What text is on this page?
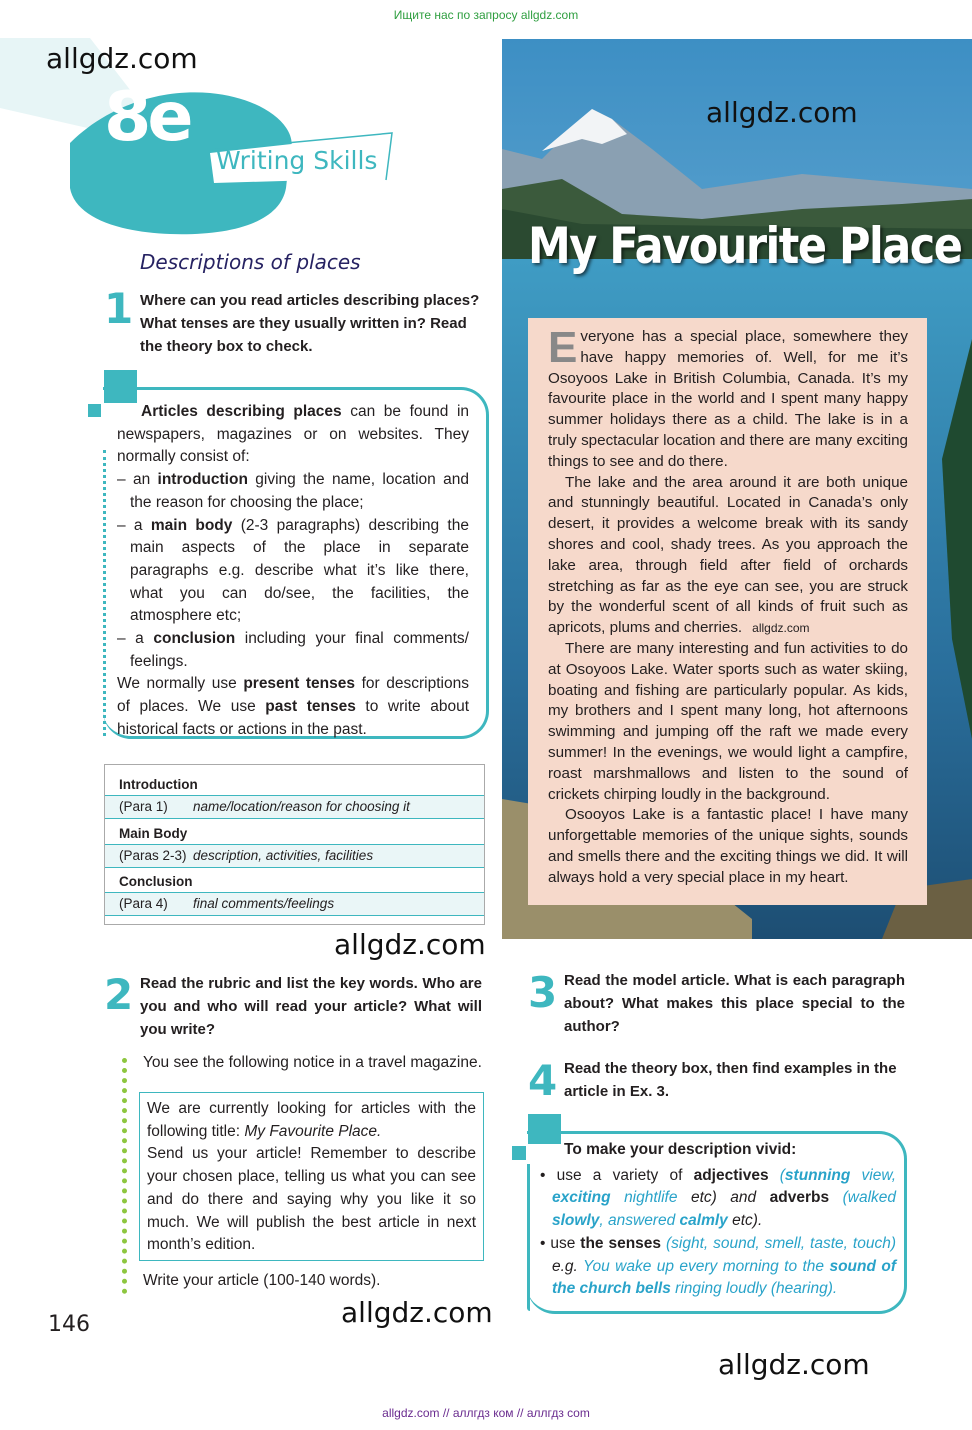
Ищите нас по запросу allgdz.com
8e
Writing Skills
allgdz.com
Descriptions of places
1 Where can you read articles describing places? What tenses are they usually written in? Read the theory box to check.

Articles describing places can be found in newspapers, magazines or on websites. They normally consist of:

– an introduction giving the name, location and the reason for choosing the place;

– a main body (2-3 paragraphs) describing the main aspects of the place in separate paragraphs e.g. describe what it’s like there, what you can do/see, the facilities, the atmosphere etc;

– a conclusion including your final comments/ feelings.

We normally use present tenses for descriptions of places. We use past tenses to write about historical facts or actions in the past.

Introduction
(Para 1) name/location/reason for choosing it
Main Body
(Paras 2-3) description, activities, facilities
Conclusion
(Para 4) final comments/feelings
allgdz.com
allgdz.com
My Favourite Place

Everyone has a special place, somewhere they have happy memories of. Well, for me it’s Osoyoos Lake in British Columbia, Canada. It’s my favourite place in the world and I spent many happy summer holidays there as a child. The lake is in a truly spectacular location and there are many exciting things to see and do there.

The lake and the area around it are both unique and stunningly beautiful. Located in Canada’s only desert, it provides a welcome break with its sandy shores and cool, shady trees. As you approach the lake area, through field after field of orchards stretching as far as the eye can see, you are struck by the wonderful scent of all kinds of fruit such as apricots, plums and cherries. allgdz.com

There are many interesting and fun activities to do at Osoyoos Lake. Water sports such as water skiing, boating and fishing are particularly popular. As kids, my brothers and I spent many long, hot afternoons swimming and jumping off the raft we made every summer! In the evenings, we would light a campfire, roast marshmallows and listen to the sound of crickets chirping loudly in the background.

Osooyos Lake is a fantastic place! I have many unforgettable memories of the unique sights, sounds and smells there and the exciting things we did. It will always hold a very special place in my heart.

2 Read the rubric and list the key words. Who are you and who will read your article? What will you write?
You see the following notice in a travel magazine.
We are currently looking for articles with the following title: My Favourite Place.
Send us your article! Remember to describe your chosen place, telling us what you can see and do there and saying why you like it so much. We will publish the best article in next month’s edition.
Write your article (100-140 words).
allgdz.com
3 Read the model article. What is each paragraph about? What makes this place special to the author?
4 Read the theory box, then find examples in the article in Ex. 3.
To make your description vivid:
• use a variety of adjectives (stunning view, exciting nightlife etc) and adverbs (walked slowly, answered calmly etc).
• use the senses (sight, sound, smell, taste, touch) e.g. You wake up every morning to the sound of the church bells ringing loudly (hearing).
146
allgdz.com
allgdz.com // аллгдз ком // аллгдз com
